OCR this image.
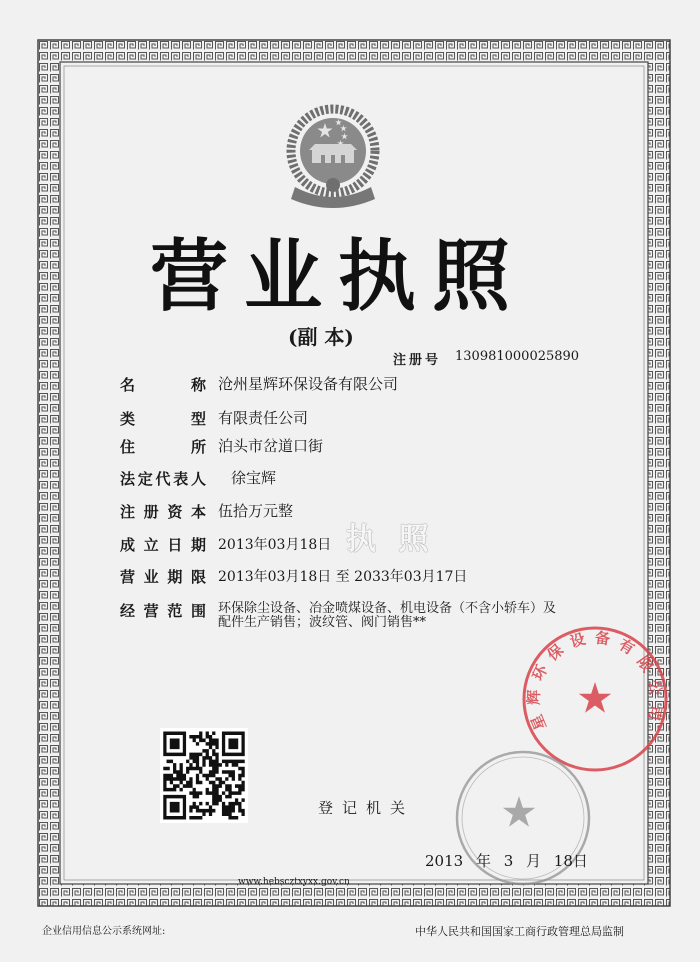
营业执照
(副 本)
注册号 130981000025890
名 称 沧州星辉环保设备有限公司
类 型 有限责任公司
住 所 泊头市岔道口街
法定代表人 徐宝辉
注册资本 伍拾万元整
成立日期 2013年03月18日
营业期限 2013年03月18日 至 2033年03月17日
经营范围 环保除尘设备、冶金喷煤设备、机电设备（不含小轿车）及
配件生产销售；波纹管、阀门销售**
执 照
星辉环保设备有限公司
登记机关
2013 年 3 月 18日
www.hebscztxyxx.gov.cn
企业信用信息公示系统网址:	中华人民共和国国家工商行政管理总局监制
